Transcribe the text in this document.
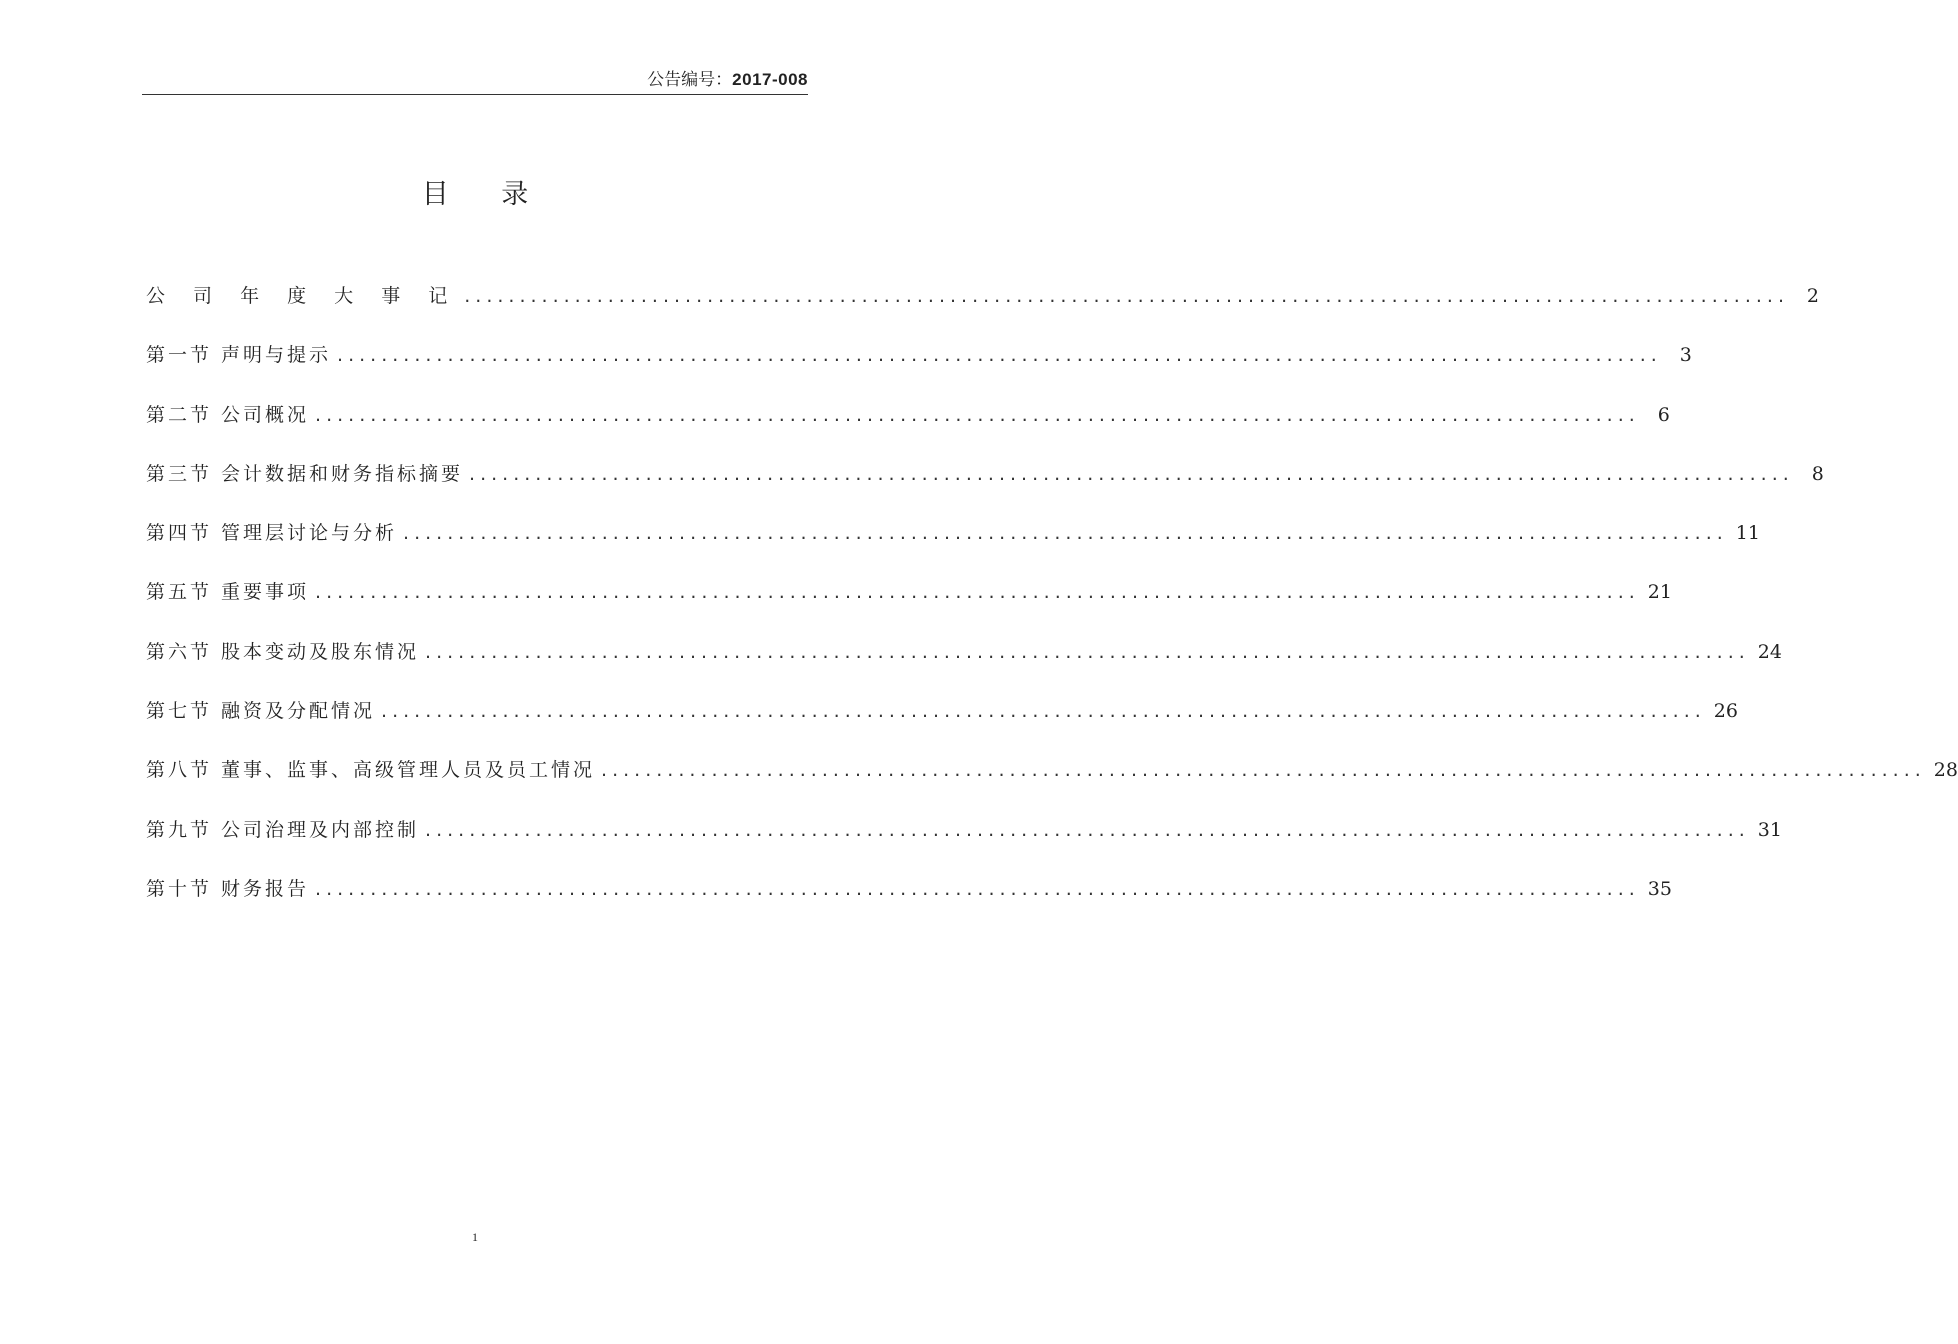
公告编号：2017-008
目 录
公 司 年 度 大 事 记 ........................................................................................................................ 2
第一节 声明与提示 ........................................................................................................................ 3
第二节 公司概况 ........................................................................................................................ 6
第三节 会计数据和财务指标摘要 ........................................................................................................................ 8
第四节 管理层讨论与分析 ........................................................................................................................ 11
第五节 重要事项 ........................................................................................................................ 21
第六节 股本变动及股东情况 ........................................................................................................................ 24
第七节 融资及分配情况 ........................................................................................................................ 26
第八节 董事、监事、高级管理人员及员工情况 ........................................................................................................................ 28
第九节 公司治理及内部控制 ........................................................................................................................ 31
第十节 财务报告 ........................................................................................................................ 35
1
